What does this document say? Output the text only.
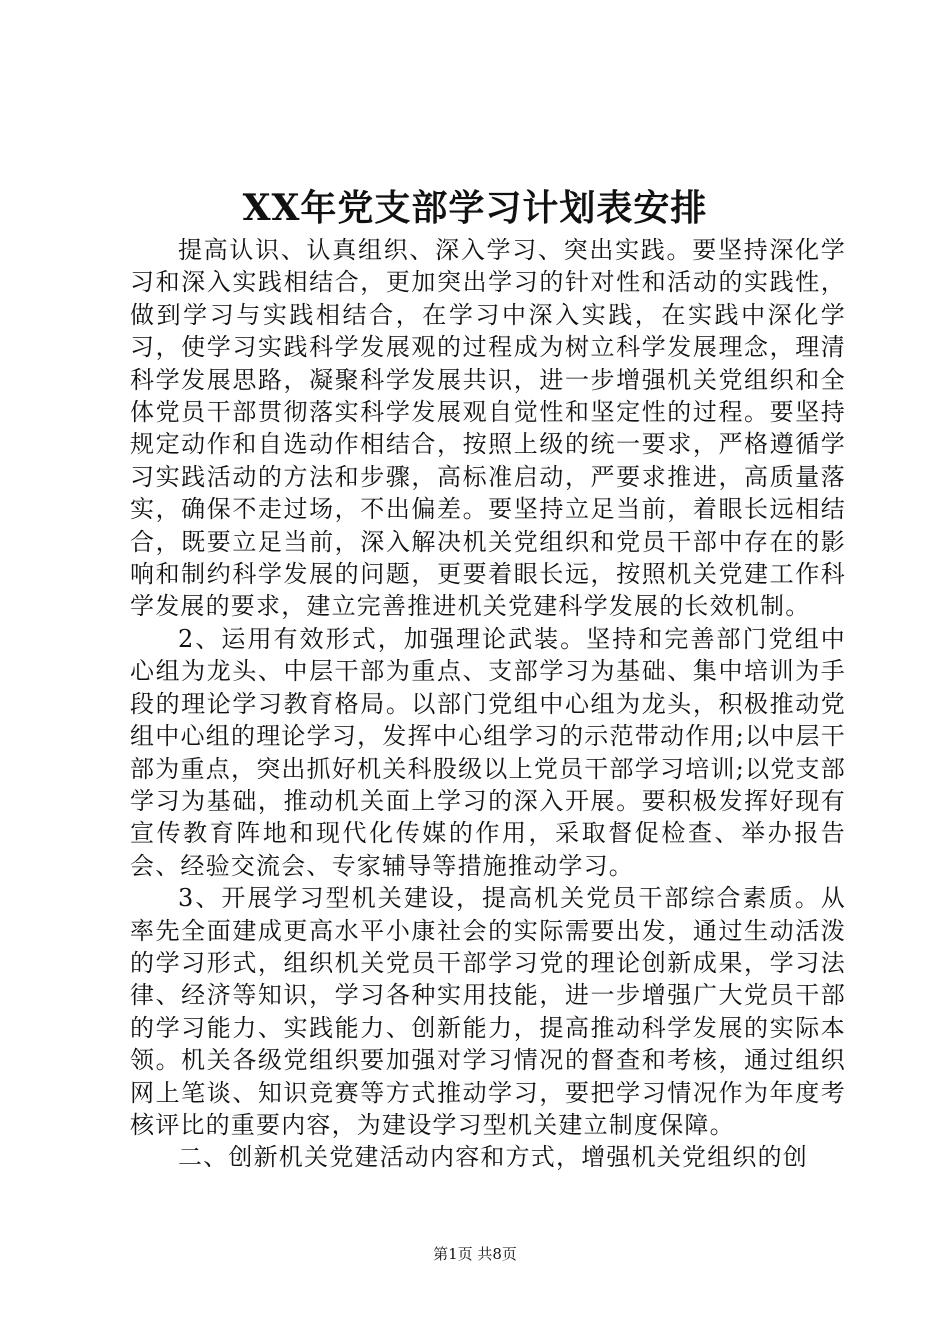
XX年党支部学习计划表安排

提高认识、认真组织、深入学习、突出实践。要坚持深化学习和深入实践相结合，更加突出学习的针对性和活动的实践性，做到学习与实践相结合，在学习中深入实践，在实践中深化学习，使学习实践科学发展观的过程成为树立科学发展理念，理清科学发展思路，凝聚科学发展共识，进一步增强机关党组织和全体党员干部贯彻落实科学发展观自觉性和坚定性的过程。要坚持规定动作和自选动作相结合，按照上级的统一要求，严格遵循学习实践活动的方法和步骤，高标准启动，严要求推进，高质量落实，确保不走过场，不出偏差。要坚持立足当前，着眼长远相结合，既要立足当前，深入解决机关党组织和党员干部中存在的影响和制约科学发展的问题，更要着眼长远，按照机关党建工作科学发展的要求，建立完善推进机关党建科学发展的长效机制。

2、运用有效形式，加强理论武装。坚持和完善部门党组中心组为龙头、中层干部为重点、支部学习为基础、集中培训为手段的理论学习教育格局。以部门党组中心组为龙头，积极推动党组中心组的理论学习，发挥中心组学习的示范带动作用;以中层干部为重点，突出抓好机关科股级以上党员干部学习培训;以党支部学习为基础，推动机关面上学习的深入开展。要积极发挥好现有宣传教育阵地和现代化传媒的作用，采取督促检查、举办报告会、经验交流会、专家辅导等措施推动学习。

3、开展学习型机关建设，提高机关党员干部综合素质。从率先全面建成更高水平小康社会的实际需要出发，通过生动活泼的学习形式，组织机关党员干部学习党的理论创新成果，学习法律、经济等知识，学习各种实用技能，进一步增强广大党员干部的学习能力、实践能力、创新能力，提高推动科学发展的实际本领。机关各级党组织要加强对学习情况的督查和考核，通过组织网上笔谈、知识竞赛等方式推动学习，要把学习情况作为年度考核评比的重要内容，为建设学习型机关建立制度保障。

二、创新机关党建活动内容和方式，增强机关党组织的创

第1页 共8页
